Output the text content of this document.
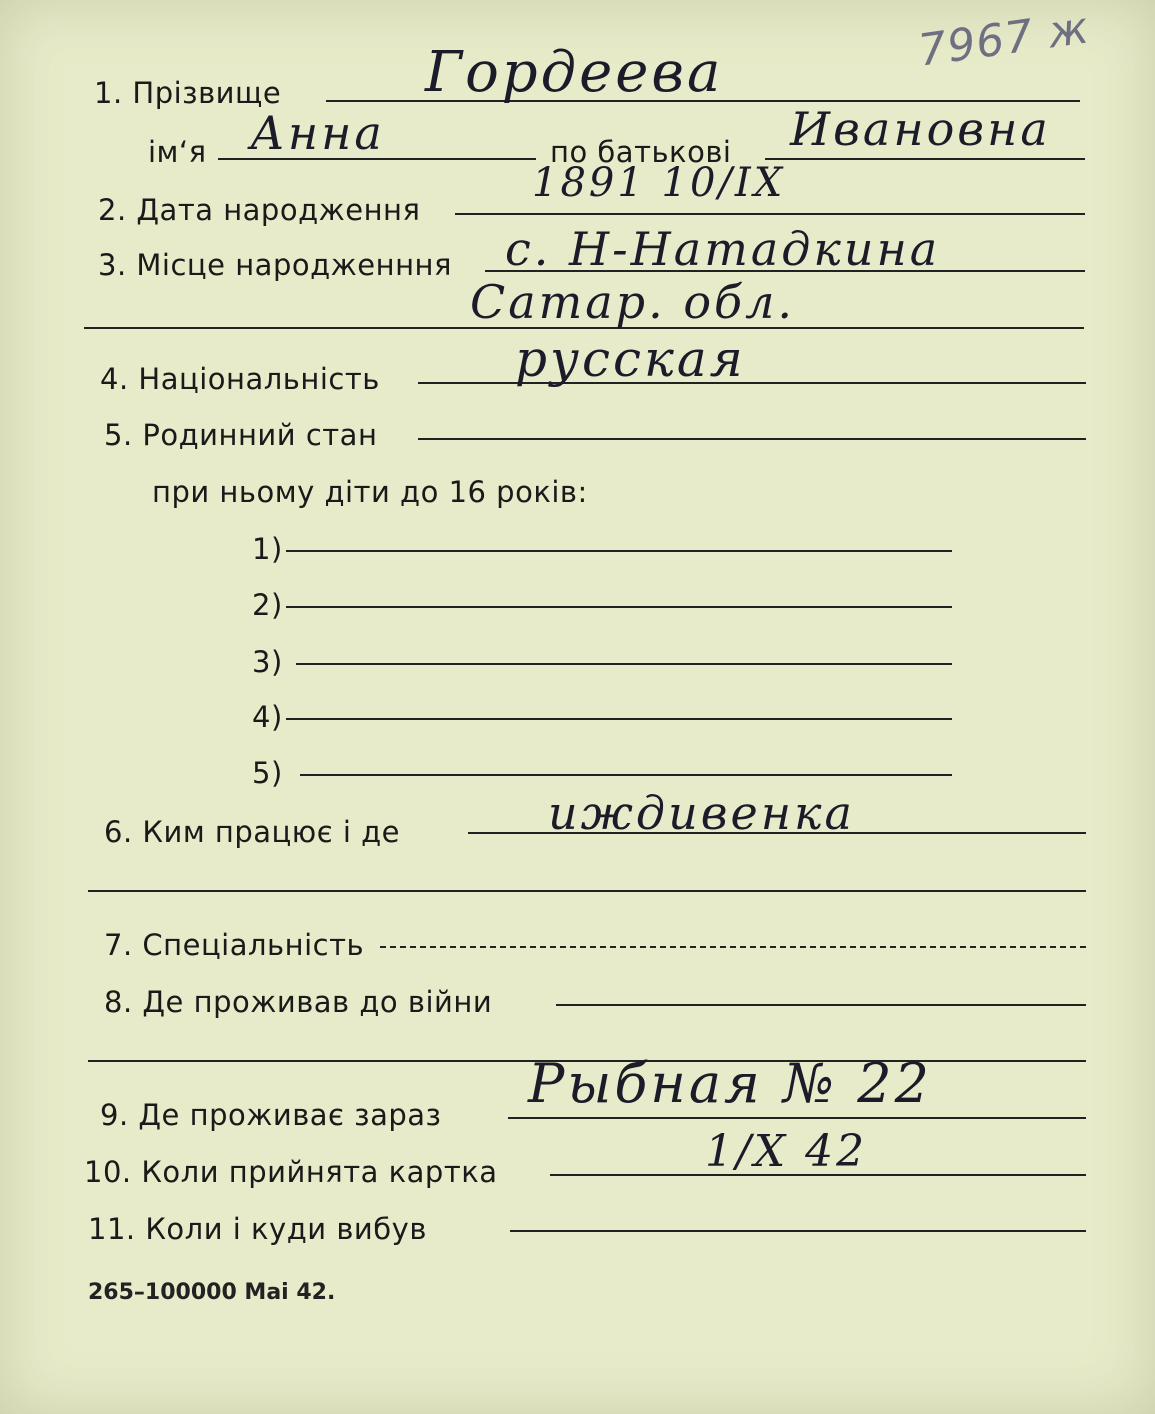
7967 ж
1. Прізвище	Гордеева
ім‘я Анна	по батькові Ивановна
2. Дата народження
1891 10/IX
3. Місце народженння с. Н-Натадкина
Сатар. обл.
4. Національність	русская
5. Родинний стан
при ньому діти до 16 років:
1)
2)
3)
4)
5)
6. Ким працює і де	иждивенка
7. Спеціальність
8. Де проживав до війни
9. Де проживає зараз Рыбная № 22
10. Коли прийнята картка	1/X 42
11. Коли і куди вибув
265–100000 Mai 42.
